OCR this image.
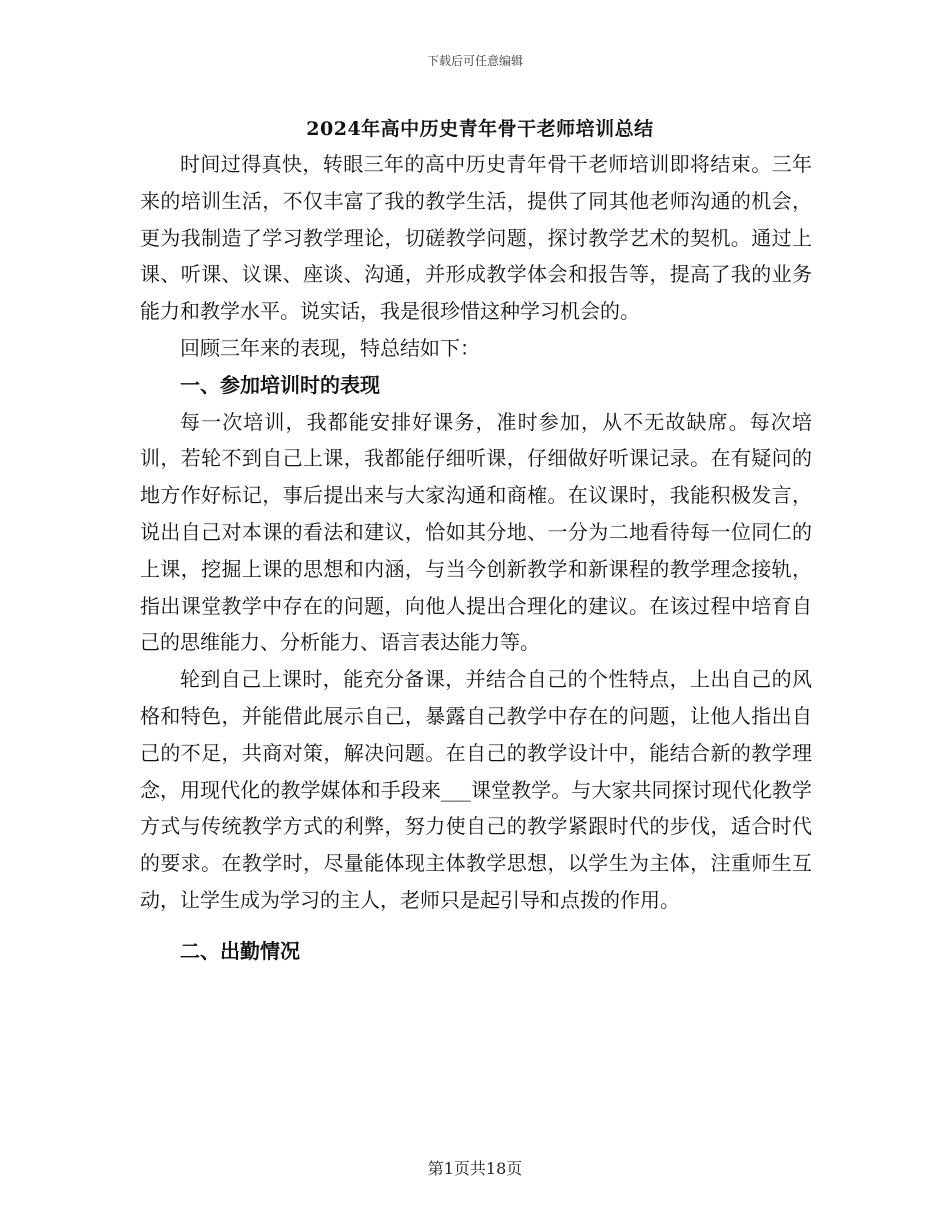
下载后可任意编辑
2024年高中历史青年骨干老师培训总结

时间过得真快，转眼三年的高中历史青年骨干老师培训即将结束。三年来的培训生活，不仅丰富了我的教学生活，提供了同其他老师沟通的机会，更为我制造了学习教学理论，切磋教学问题，探讨教学艺术的契机。通过上课、听课、议课、座谈、沟通，并形成教学体会和报告等，提高了我的业务能力和教学水平。说实话，我是很珍惜这种学习机会的。

回顾三年来的表现，特总结如下：

一、参加培训时的表现

每一次培训，我都能安排好课务，准时参加，从不无故缺席。每次培训，若轮不到自己上课，我都能仔细听课，仔细做好听课记录。在有疑问的地方作好标记，事后提出来与大家沟通和商榷。在议课时，我能积极发言，说出自己对本课的看法和建议，恰如其分地、一分为二地看待每一位同仁的上课，挖掘上课的思想和内涵，与当今创新教学和新课程的教学理念接轨，指出课堂教学中存在的问题，向他人提出合理化的建议。在该过程中培育自己的思维能力、分析能力、语言表达能力等。

轮到自己上课时，能充分备课，并结合自己的个性特点，上出自己的风格和特色，并能借此展示自己，暴露自己教学中存在的问题，让他人指出自己的不足，共商对策，解决问题。在自己的教学设计中，能结合新的教学理念，用现代化的教学媒体和手段来___课堂教学。与大家共同探讨现代化教学方式与传统教学方式的利弊，努力使自己的教学紧跟时代的步伐，适合时代的要求。在教学时，尽量能体现主体教学思想，以学生为主体，注重师生互动，让学生成为学习的主人，老师只是起引导和点拨的作用。

二、出勤情况

第1页共18页
